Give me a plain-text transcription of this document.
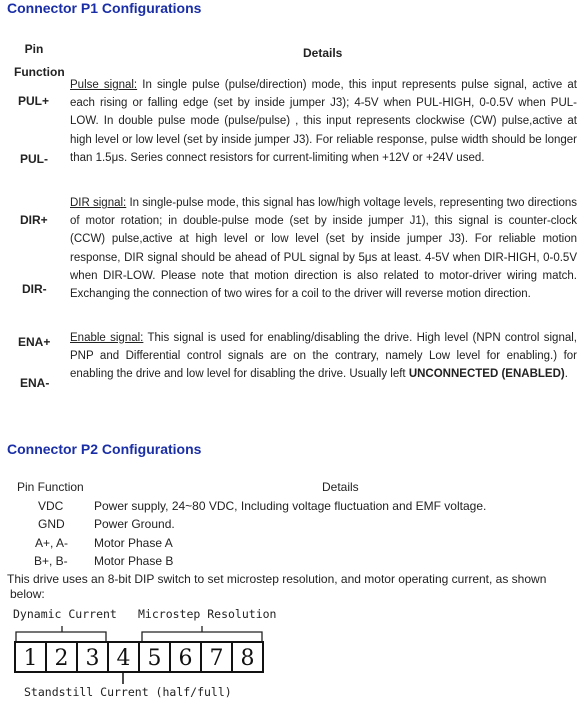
Connector P1 Configurations
Pin
Function
Details
PUL+
PUL-

Pulse signal: In single pulse (pulse/direction) mode, this input represents pulse signal, active at each rising or falling edge (set by inside jumper J3); 4-5V when PUL-HIGH, 0-0.5V when PUL-LOW. In double pulse mode (pulse/pulse) , this input represents clockwise (CW) pulse,active at high level or low level (set by inside jumper J3). For reliable response, pulse width should be longer than 1.5μs. Series connect resistors for current-limiting when +12V or +24V used.

DIR+
DIR-

DIR signal: In single-pulse mode, this signal has low/high voltage levels, representing two directions of motor rotation; in double-pulse mode (set by inside jumper J1), this signal is counter-clock (CCW) pulse,active at high level or low level (set by inside jumper J3). For reliable motion response, DIR signal should be ahead of PUL signal by 5μs at least. 4-5V when DIR-HIGH, 0-0.5V when DIR-LOW. Please note that motion direction is also related to motor-driver wiring match. Exchanging the connection of two wires for a coil to the driver will reverse motion direction.

ENA+
ENA-

Enable signal: This signal is used for enabling/disabling the drive. High level (NPN control signal, PNP and Differential control signals are on the contrary, namely Low level for enabling.) for enabling the drive and low level for disabling the drive. Usually left UNCONNECTED (ENABLED).

Connector P2 Configurations
Pin Function	Details
VDC	Power supply, 24~80 VDC, Including voltage fluctuation and EMF voltage.
GND Power Ground.
A+, A- Motor Phase A
B+, B- Motor Phase B

This drive uses an 8-bit DIP switch to set microstep resolution, and motor operating current, as shown
below:

Dynamic Current Microstep Resolution
1 2 3 4 5 6 7 8
Standstill Current (half/full)
